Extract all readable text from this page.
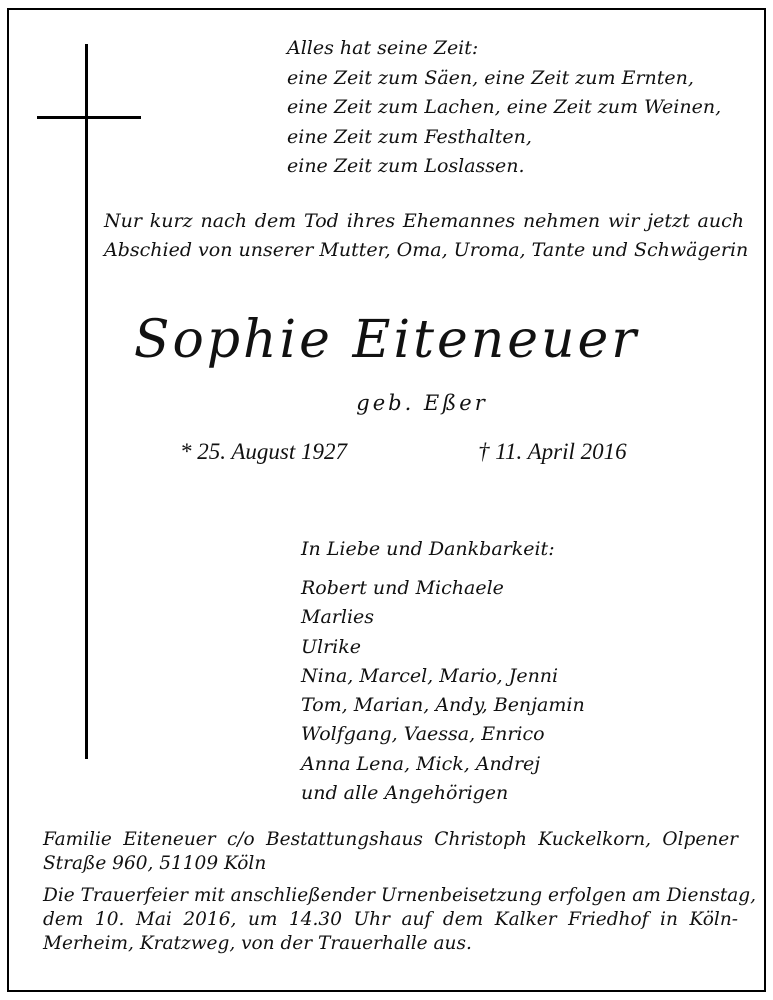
Alles hat seine Zeit:
eine Zeit zum Säen, eine Zeit zum Ernten,
eine Zeit zum Lachen, eine Zeit zum Weinen,
eine Zeit zum Festhalten,
eine Zeit zum Loslassen.
Nur kurz nach dem Tod ihres Ehemannes nehmen wir jetzt auch
Abschied von unserer Mutter, Oma, Uroma, Tante und Schwägerin
Sophie Eiteneuer
geb. Eßer
* 25. August 1927	† 11. April 2016
In Liebe und Dankbarkeit:
Robert und Michaele
Marlies
Ulrike
Nina, Marcel, Mario, Jenni
Tom, Marian, Andy, Benjamin
Wolfgang, Vaessa, Enrico
Anna Lena, Mick, Andrej
und alle Angehörigen
Familie Eiteneuer c/o Bestattungshaus Christoph Kuckelkorn, Olpener
Straße 960, 51109 Köln
Die Trauerfeier mit anschließender Urnenbeisetzung erfolgen am Dienstag,
dem 10. Mai 2016, um 14.30 Uhr auf dem Kalker Friedhof in Köln-
Merheim, Kratzweg, von der Trauerhalle aus.
